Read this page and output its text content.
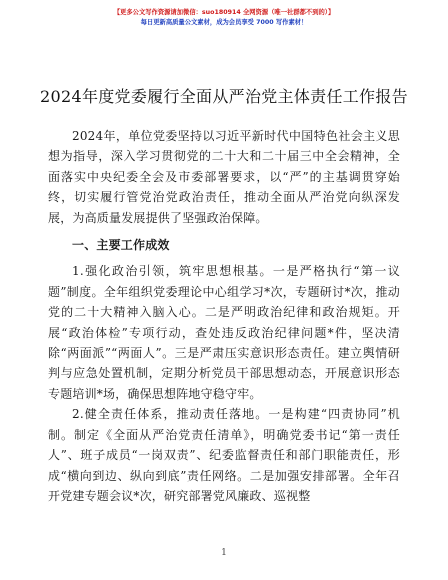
【更多公文写作资源请加微信：suo180914 全网资源（唯一社群都不到的）】
每日更新高质量公文素材，成为会员享受 7000 写作素材！
2024年度党委履行全面从严治党主体责任工作报告

2024年，单位党委坚持以习近平新时代中国特色社会主义思想为指导，深入学习贯彻党的二十大和二十届三中全会精神，全面落实中央纪委全会及市委部署要求，以“严”的主基调贯穿始终，切实履行管党治党政治责任，推动全面从严治党向纵深发展，为高质量发展提供了坚强政治保障。

一、主要工作成效

1.强化政治引领，筑牢思想根基。一是严格执行“第一议题”制度。全年组织党委理论中心组学习*次，专题研讨*次，推动党的二十大精神入脑入心。二是严明政治纪律和政治规矩。开展“政治体检”专项行动，查处违反政治纪律问题*件，坚决清除“两面派”“两面人”。三是严肃压实意识形态责任。建立舆情研判与应急处置机制，定期分析党员干部思想动态，开展意识形态专题培训*场，确保思想阵地守稳守牢。

2.健全责任体系，推动责任落地。一是构建“四责协同”机制。制定《全面从严治党责任清单》，明确党委书记“第一责任人”、班子成员“一岗双责”、纪委监督责任和部门职能责任，形成“横向到边、纵向到底”责任网络。二是加强安排部署。全年召开党建专题会议*次，研究部署党风廉政、巡视整

1
